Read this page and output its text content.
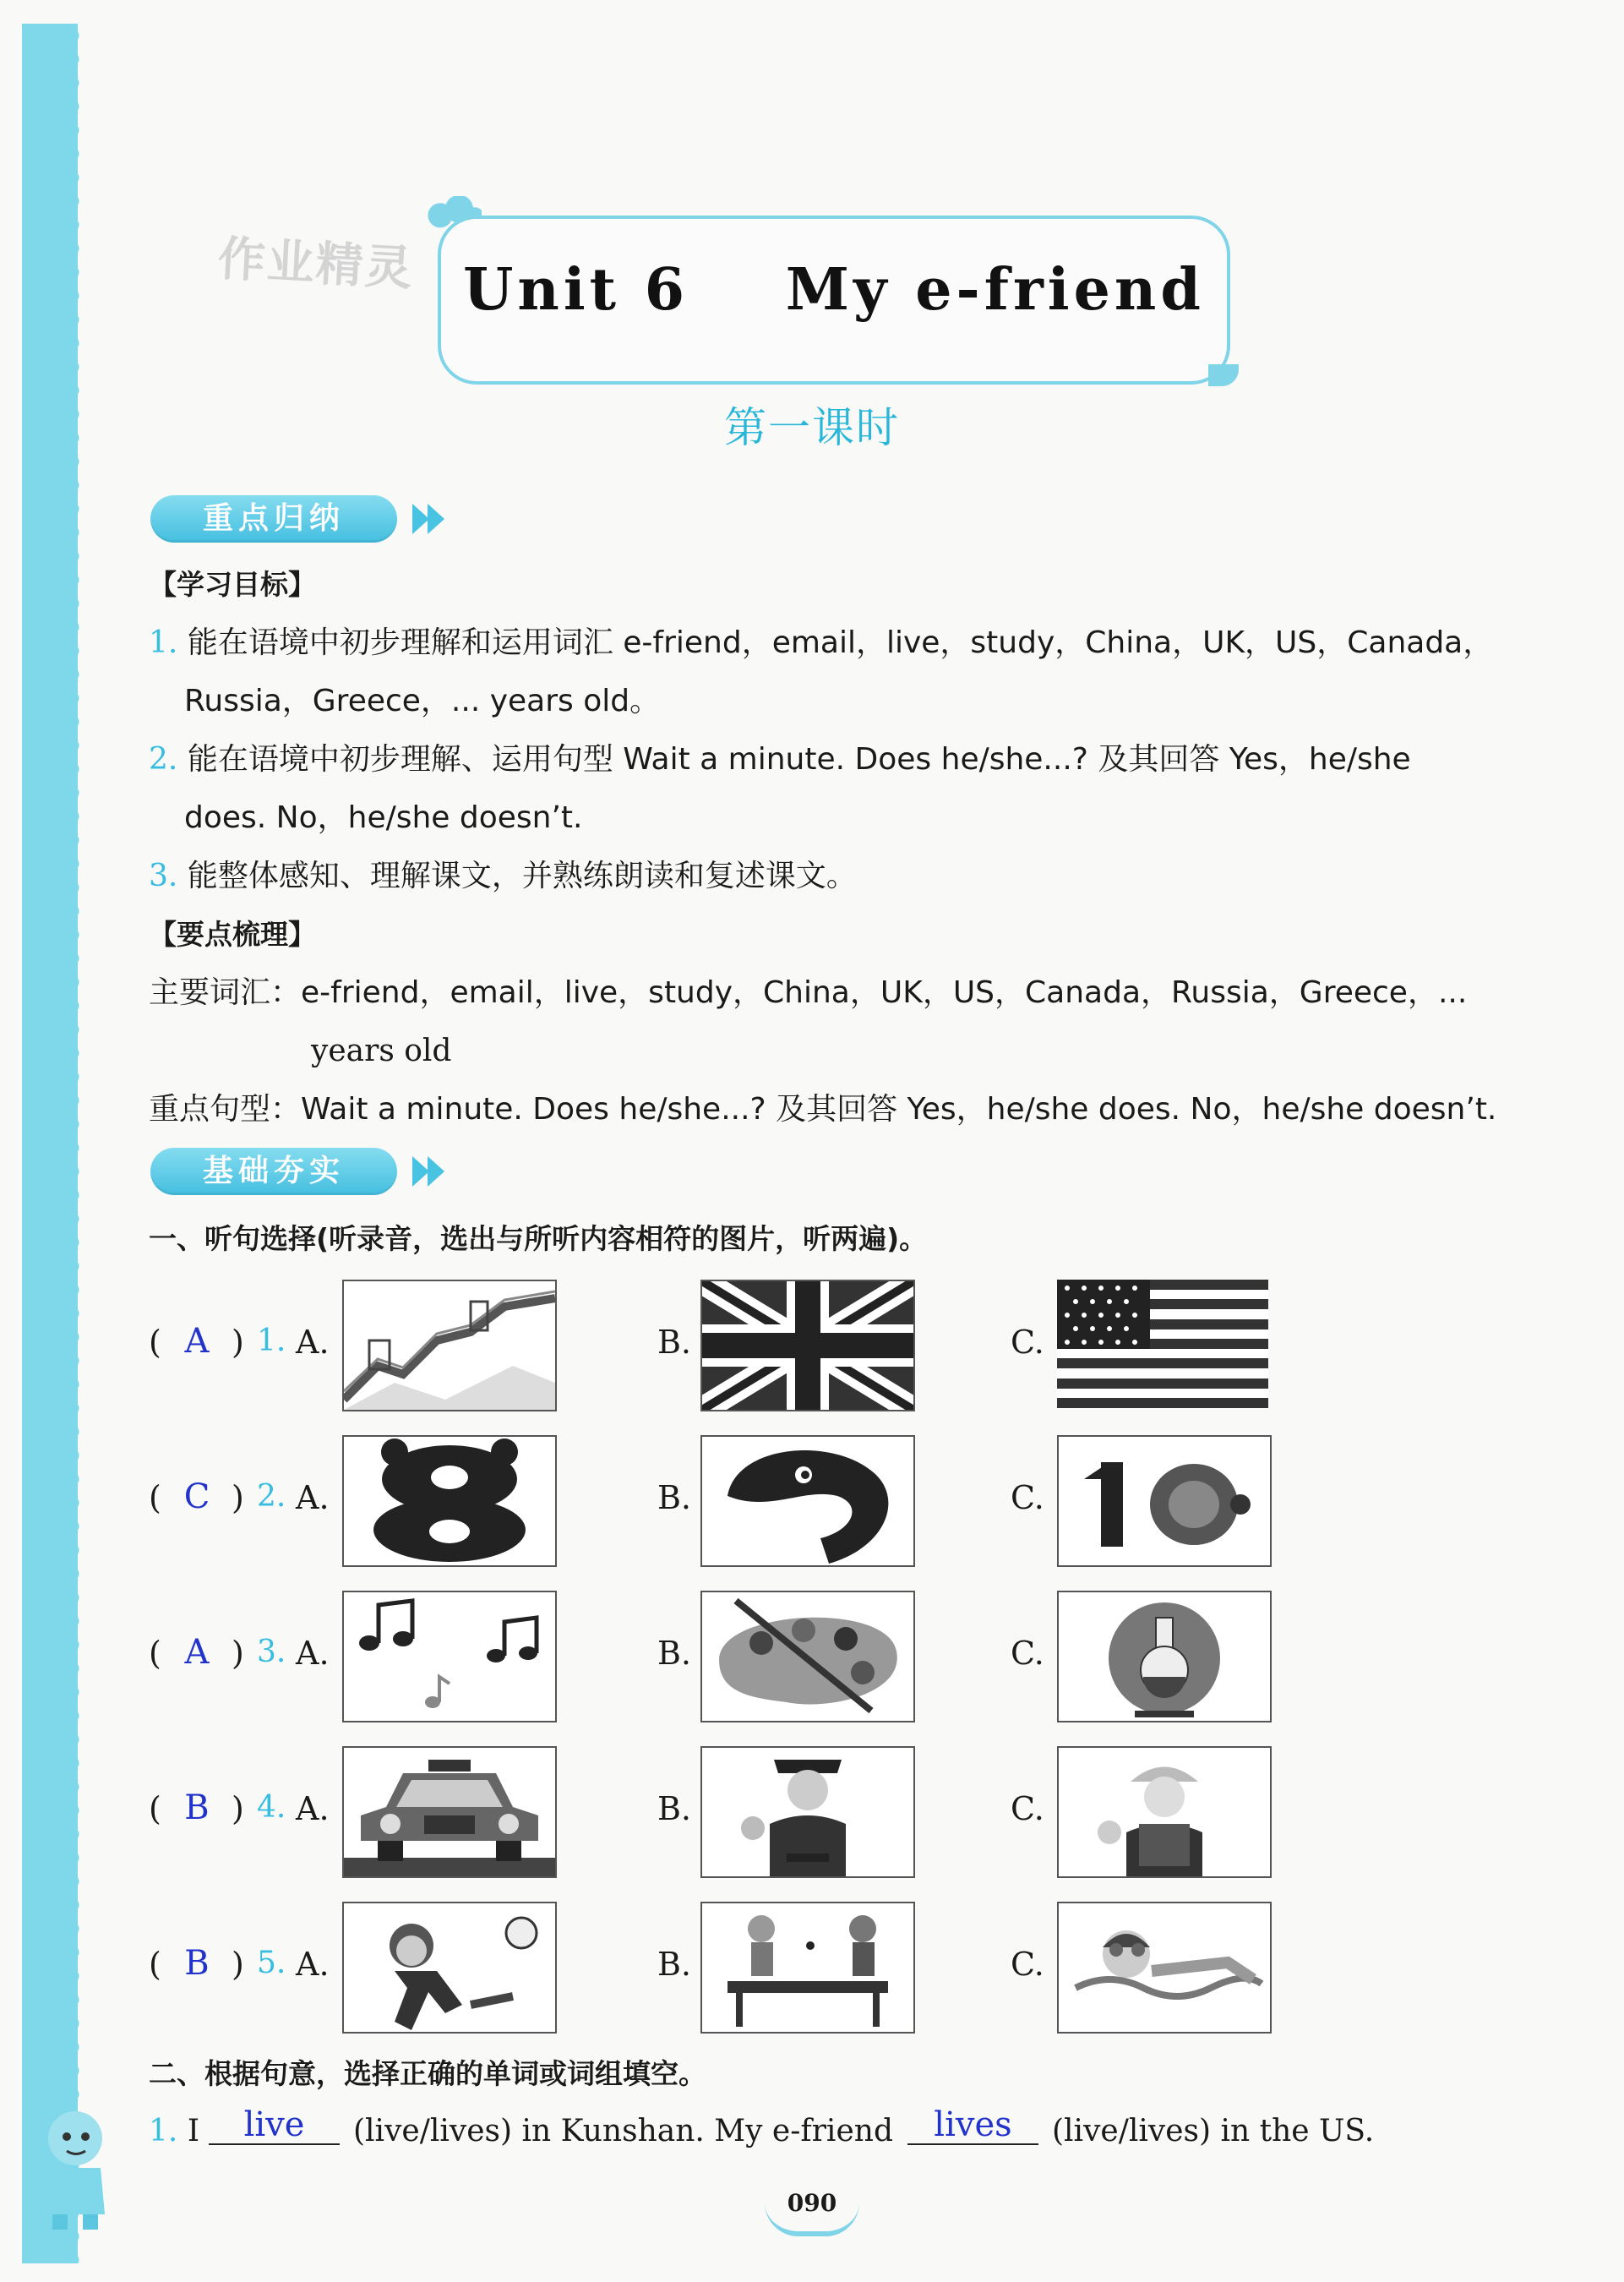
作业精灵 Unit 6    My e-friend
第一课时
重点归纳
【学习目标】
1. 能在语境中初步理解和运用词汇 e-friend，email，live，study，China，UK，US，Canada，
Russia，Greece，... years old。
2. 能在语境中初步理解、运用句型 Wait a minute. Does he/she...? 及其回答 Yes，he/she
does. No，he/she doesn’t.
3. 能整体感知、理解课文，并熟练朗读和复述课文。
【要点梳理】
主要词汇：e-friend，email，live，study，China，UK，US，Canada，Russia，Greece，...
years old
重点句型：Wait a minute. Does he/she...? 及其回答 Yes，he/she does. No，he/she doesn’t.
基础夯实
一、听句选择(听录音，选出与所听内容相符的图片，听两遍)。
( A ) 1. A.	B.	C.
( C ) 2. A.	B.	C.
( A ) 3. A.	B.	C.
( B ) 4. A.	B.	C.
( B ) 5. A.	B.	C.
二、根据句意，选择正确的单词或词组填空。
1. I	live	(live/lives) in Kunshan. My e-friend	lives	(live/lives) in the US.
090
